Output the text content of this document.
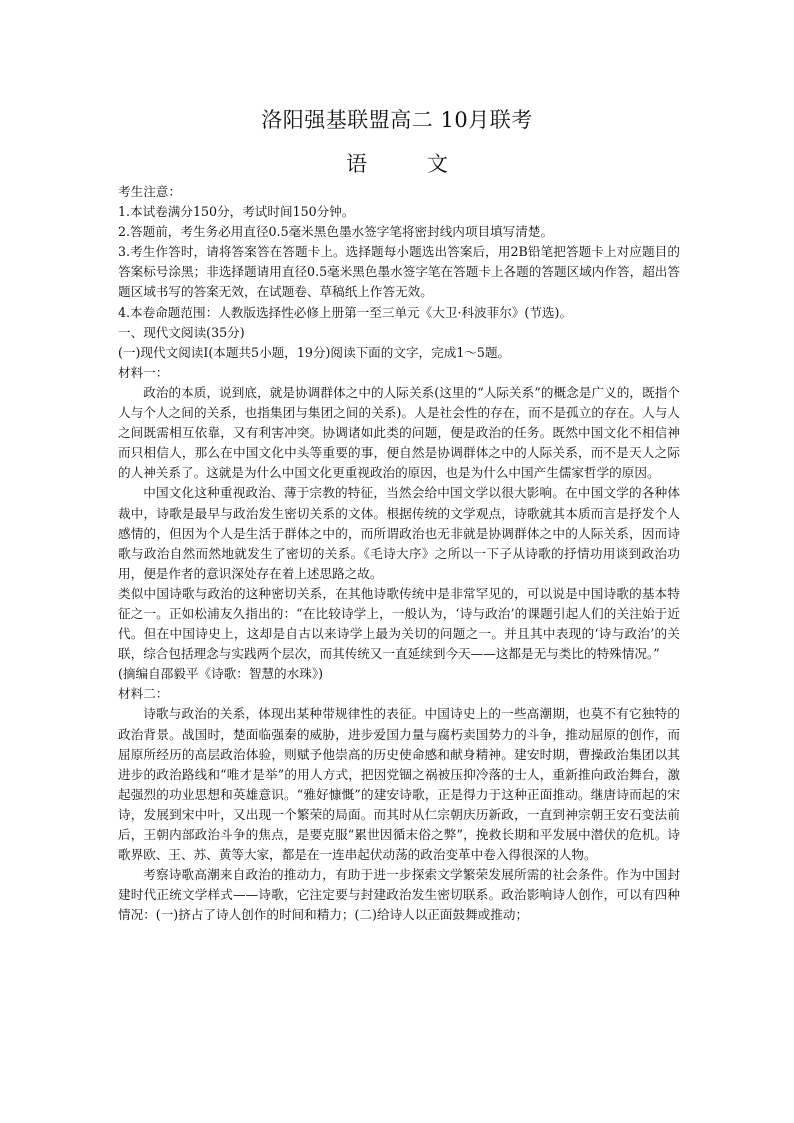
洛阳强基联盟高二 10月联考
语	文

考生注意：

1.本试卷满分150分，考试时间150分钟。

2.答题前，考生务必用直径0.5毫米黑色墨水签字笔将密封线内项目填写清楚。

3.考生作答时，请将答案答在答题卡上。选择题每小题选出答案后，用2B铅笔把答题卡上对应题目的答案标号涂黑；非选择题请用直径0.5毫米黑色墨水签字笔在答题卡上各题的答题区域内作答，超出答题区域书写的答案无效，在试题卷、草稿纸上作答无效。

4.本卷命题范围：人教版选择性必修上册第一至三单元《大卫·科波菲尔》(节选)。

一、现代文阅读(35分)

(一)现代文阅读Ⅰ(本题共5小题，19分)阅读下面的文字，完成1～5题。

材料一：

政治的本质，说到底，就是协调群体之中的人际关系(这里的“人际关系”的概念是广义的，既指个人与个人之间的关系，也指集团与集团之间的关系)。人是社会性的存在，而不是孤立的存在。人与人之间既需相互依靠，又有利害冲突。协调诸如此类的问题，便是政治的任务。既然中国文化不相信神而只相信人，那么在中国文化中头等重要的事，便自然是协调群体之中的人际关系，而不是天人之际的人神关系了。这就是为什么中国文化更重视政治的原因，也是为什么中国产生儒家哲学的原因。

中国文化这种重视政治、薄于宗教的特征，当然会给中国文学以很大影响。在中国文学的各种体裁中，诗歌是最早与政治发生密切关系的文体。根据传统的文学观点，诗歌就其本质而言是抒发个人感情的，但因为个人是生活于群体之中的，而所谓政治也无非就是协调群体之中的人际关系，因而诗歌与政治自然而然地就发生了密切的关系。《毛诗大序》之所以一下子从诗歌的抒情功用谈到政治功用，便是作者的意识深处存在着上述思路之故。

类似中国诗歌与政治的这种密切关系，在其他诗歌传统中是非常罕见的，可以说是中国诗歌的基本特征之一。正如松浦友久指出的：“在比较诗学上，一般认为，‘诗与政治’的课题引起人们的关注始于近代。但在中国诗史上，这却是自古以来诗学上最为关切的问题之一。并且其中表现的‘诗与政治’的关联，综合包括理念与实践两个层次，而其传统又一直延续到今天——这都是无与类比的特殊情况。”

(摘编自邵毅平《诗歌：智慧的水珠》)

材料二：

诗歌与政治的关系，体现出某种带规律性的表征。中国诗史上的一些高潮期，也莫不有它独特的政治背景。战国时，楚面临强秦的威胁，进步爱国力量与腐朽卖国势力的斗争，推动屈原的创作，而屈原所经历的高层政治体验，则赋予他崇高的历史使命感和献身精神。建安时期，曹操政治集团以其进步的政治路线和“唯才是举”的用人方式，把因党锢之祸被压抑冷落的士人，重新推向政治舞台，激起强烈的功业思想和英雄意识。“雅好慷慨”的建安诗歌，正是得力于这种正面推动。继唐诗而起的宋诗，发展到宋中叶，又出现一个繁荣的局面。而其时从仁宗朝庆历新政，一直到神宗朝王安石变法前后，王朝内部政治斗争的焦点，是要克服“累世因循末俗之弊”，挽救长期和平发展中潜伏的危机。诗歌界欧、王、苏、黄等大家，都是在一连串起伏动荡的政治变革中卷入得很深的人物。

考察诗歌高潮来自政治的推动力，有助于进一步探索文学繁荣发展所需的社会条件。作为中国封建时代正统文学样式——诗歌，它注定要与封建政治发生密切联系。政治影响诗人创作，可以有四种情况：(一)挤占了诗人创作的时间和精力；(二)给诗人以正面鼓舞或推动；
